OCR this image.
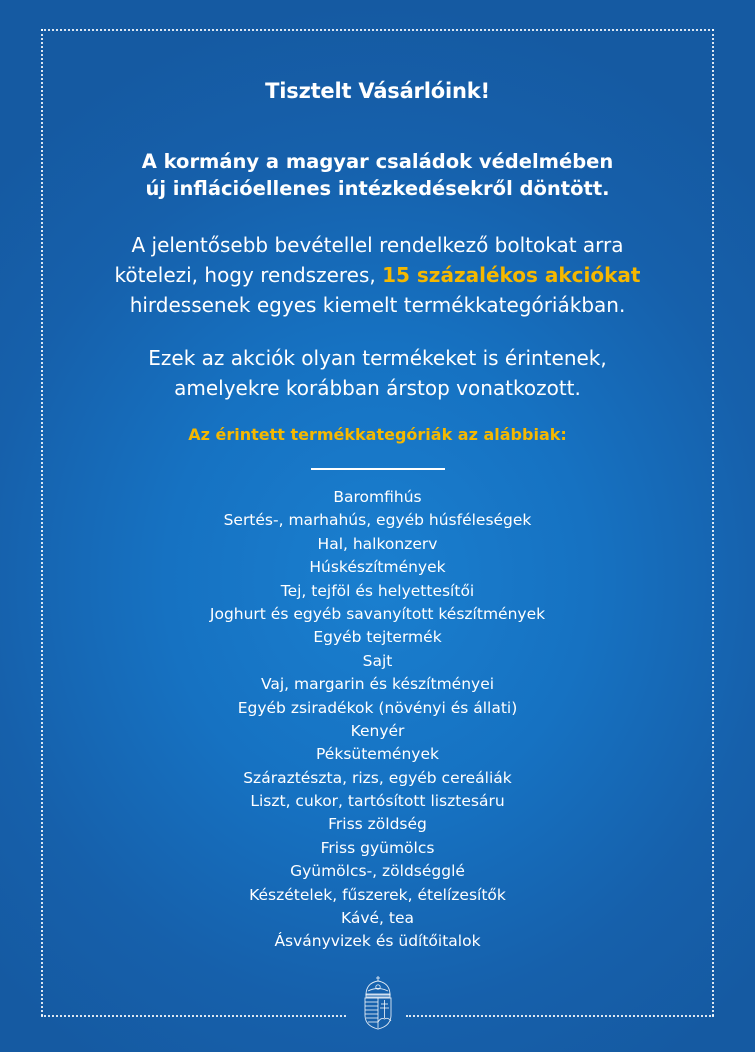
Tisztelt Vásárlóink!
A kormány a magyar családok védelmében
új inflációellenes intézkedésekről döntött.
A jelentősebb bevétellel rendelkező boltokat arra
kötelezi, hogy rendszeres, 15 százalékos akciókat
hirdessenek egyes kiemelt termékkategóriákban.
Ezek az akciók olyan termékeket is érintenek,
amelyekre korábban árstop vonatkozott.
Az érintett termékkategóriák az alábbiak:
Baromfihús
Sertés-, marhahús, egyéb húsféleségek
Hal, halkonzerv
Húskészítmények
Tej, tejföl és helyettesítői
Joghurt és egyéb savanyított készítmények
Egyéb tejtermék
Sajt
Vaj, margarin és készítményei
Egyéb zsiradékok (növényi és állati)
Kenyér
Péksütemények
Száraztészta, rizs, egyéb cereáliák
Liszt, cukor, tartósított lisztesáru
Friss zöldség
Friss gyümölcs
Gyümölcs-, zöldségglé
Készételek, fűszerek, ételízesítők
Kávé, tea
Ásványvizek és üdítőitalok
